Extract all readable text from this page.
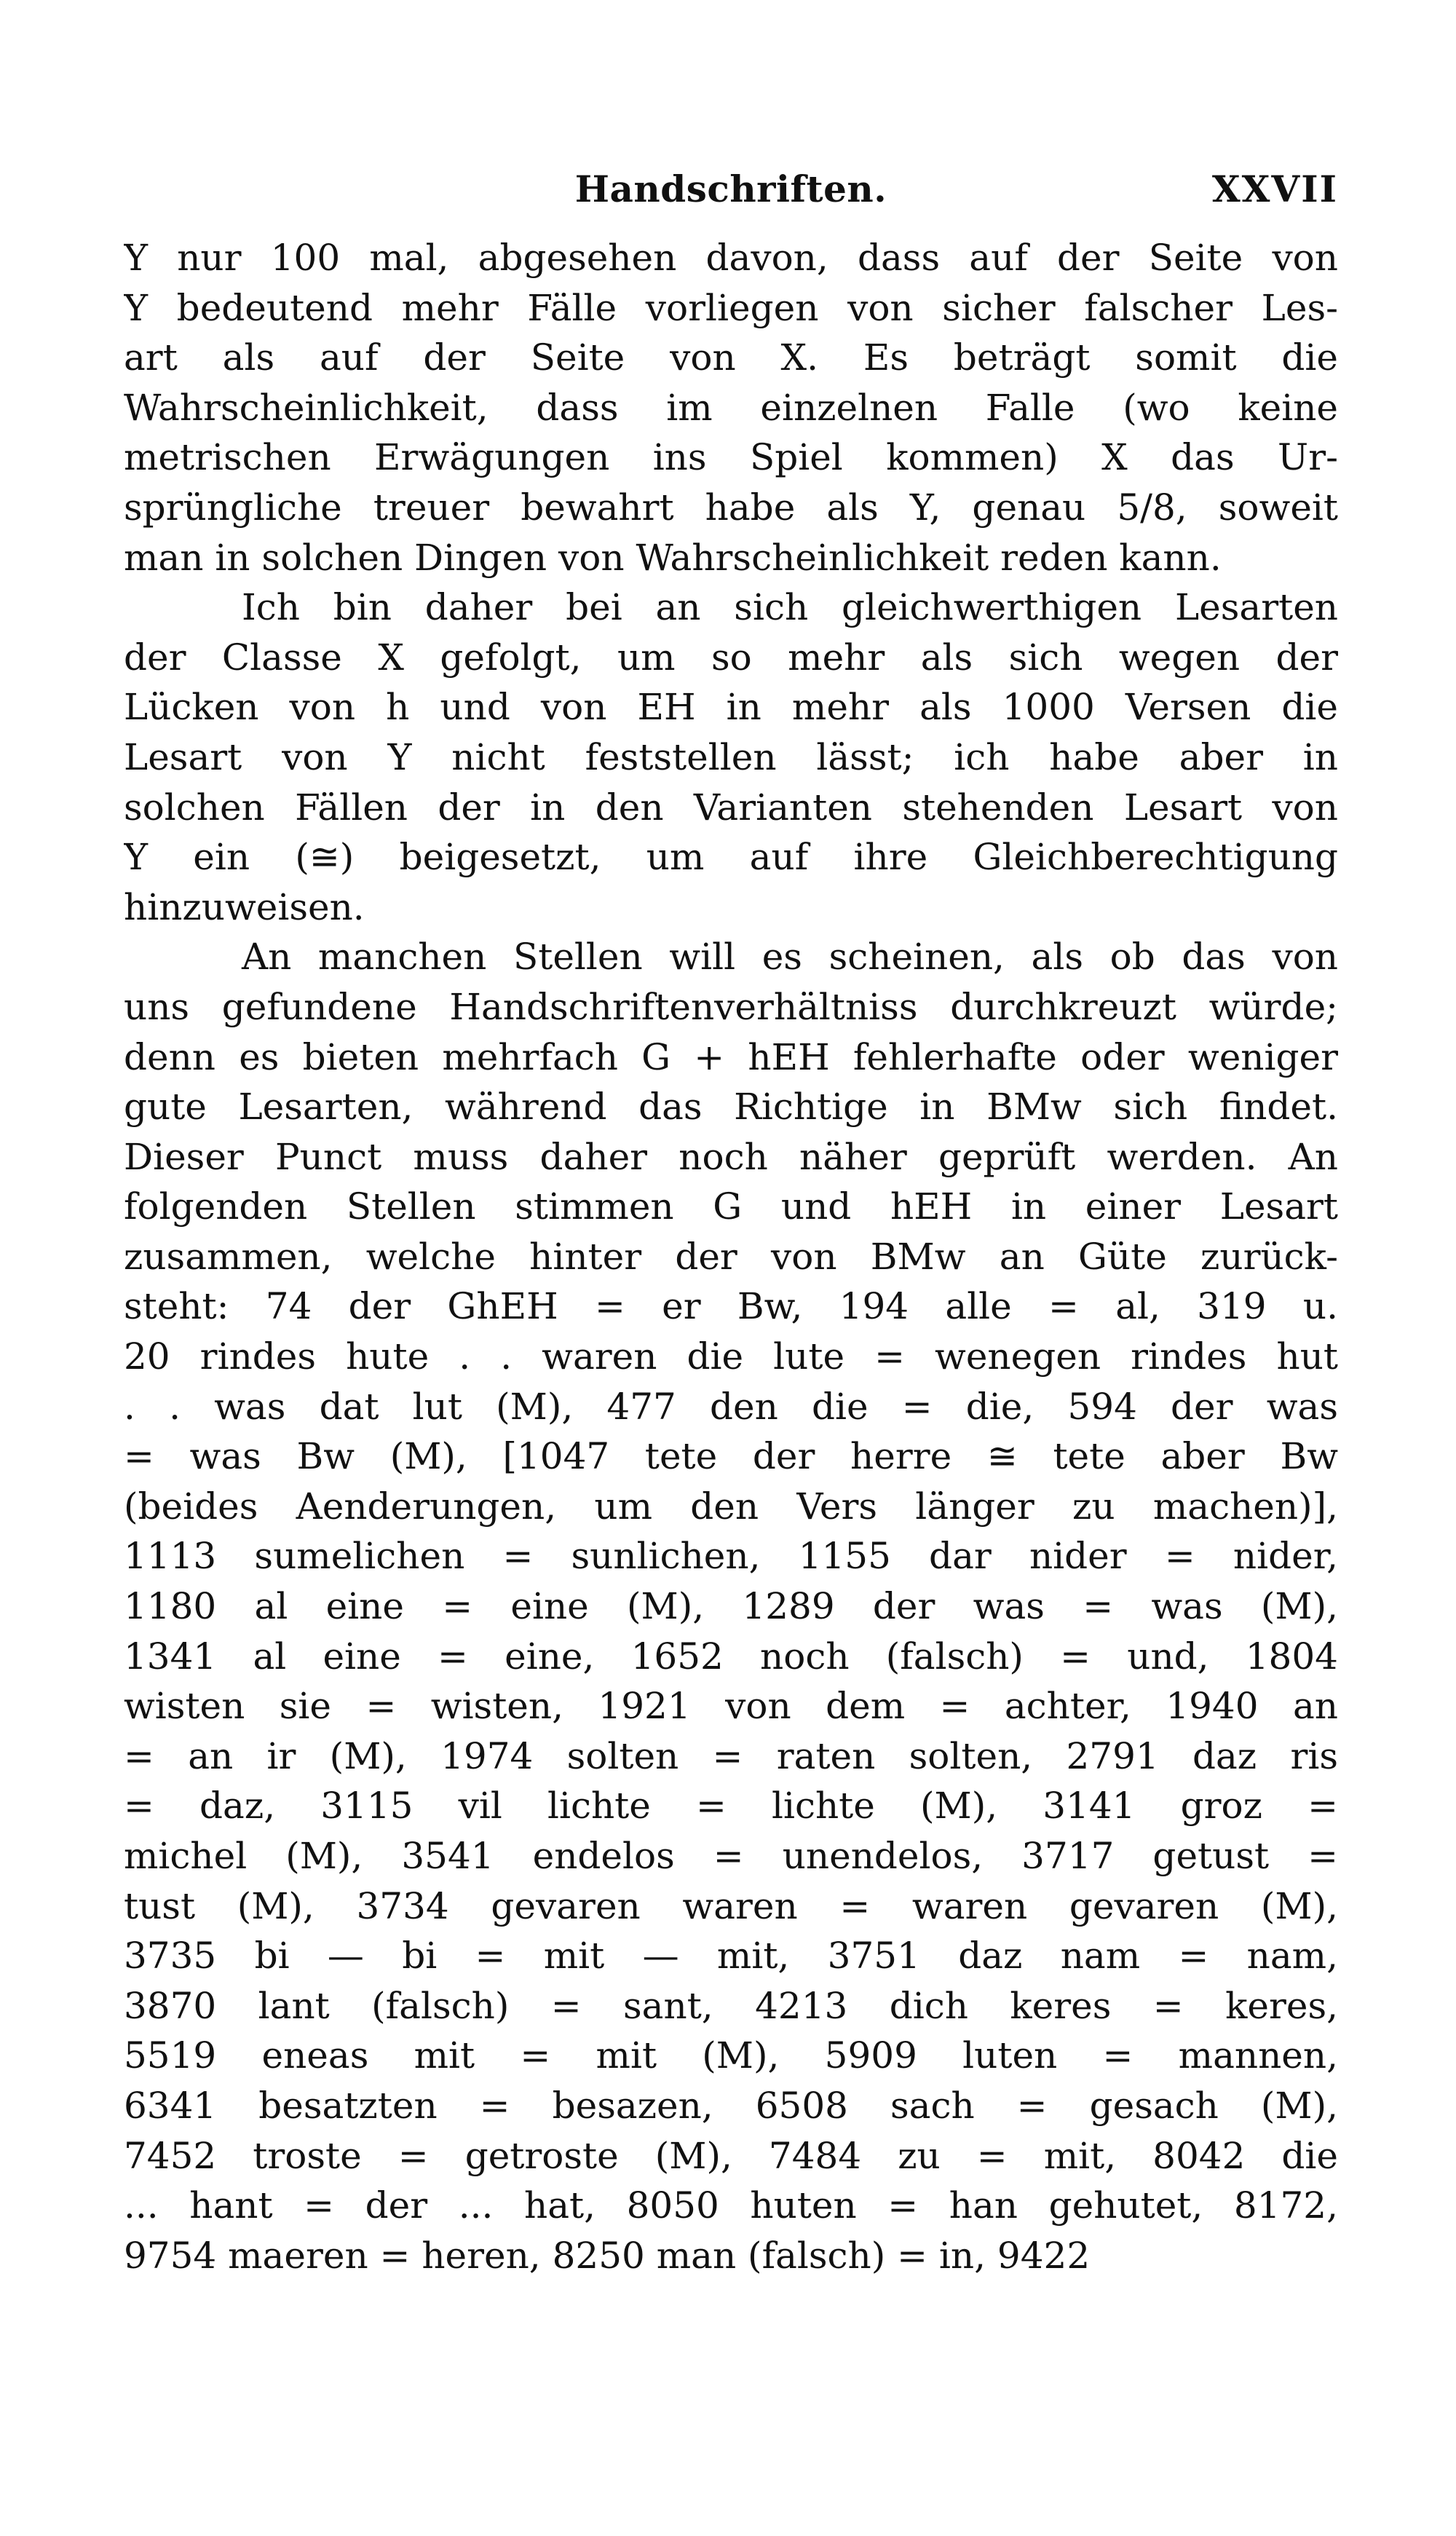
Handschriften.	XXVII
Y nur 100 mal, abgesehen davon, dass auf der Seite von
Y bedeutend mehr Fälle vorliegen von sicher falscher Les-
art als auf der Seite von X. Es beträgt somit die
Wahrscheinlichkeit, dass im einzelnen Falle (wo keine
metrischen Erwägungen ins Spiel kommen) X das Ur-
sprüngliche treuer bewahrt habe als Y, genau 5/8, soweit
man in solchen Dingen von Wahrscheinlichkeit reden kann.
Ich bin daher bei an sich gleichwerthigen Lesarten
der Classe X gefolgt, um so mehr als sich wegen der
Lücken von h und von EH in mehr als 1000 Versen die
Lesart von Y nicht feststellen lässt; ich habe aber in
solchen Fällen der in den Varianten stehenden Lesart von
Y ein (≅) beigesetzt, um auf ihre Gleichberechtigung
hinzuweisen.
An manchen Stellen will es scheinen, als ob das von
uns gefundene Handschriftenverhältniss durchkreuzt würde;
denn es bieten mehrfach G + hEH fehlerhafte oder weniger
gute Lesarten, während das Richtige in BMw sich findet.
Dieser Punct muss daher noch näher geprüft werden. An
folgenden Stellen stimmen G und hEH in einer Lesart
zusammen, welche hinter der von BMw an Güte zurück-
steht: 74 der GhEH = er Bw, 194 alle = al, 319 u.
20 rindes hute . . waren die lute = wenegen rindes hut
. . was dat lut (M), 477 den die = die, 594 der was
= was Bw (M), [1047 tete der herre ≅ tete aber Bw
(beides Aenderungen, um den Vers länger zu machen)],
1113 sumelichen = sunlichen, 1155 dar nider = nider,
1180 al eine = eine (M), 1289 der was = was (M),
1341 al eine = eine, 1652 noch (falsch) = und, 1804
wisten sie = wisten, 1921 von dem = achter, 1940 an
= an ir (M), 1974 solten = raten solten, 2791 daz ris
= daz, 3115 vil lichte = lichte (M), 3141 groz =
michel (M), 3541 endelos = unendelos, 3717 getust =
tust (M), 3734 gevaren waren = waren gevaren (M),
3735 bi — bi = mit — mit, 3751 daz nam = nam,
3870 lant (falsch) = sant, 4213 dich keres = keres,
5519 eneas mit = mit (M), 5909 luten = mannen,
6341 besatzten = besazen, 6508 sach = gesach (M),
7452 troste = getroste (M), 7484 zu = mit, 8042 die
... hant = der ... hat, 8050 huten = han gehutet, 8172,
9754 maeren = heren, 8250 man (falsch) = in, 9422
